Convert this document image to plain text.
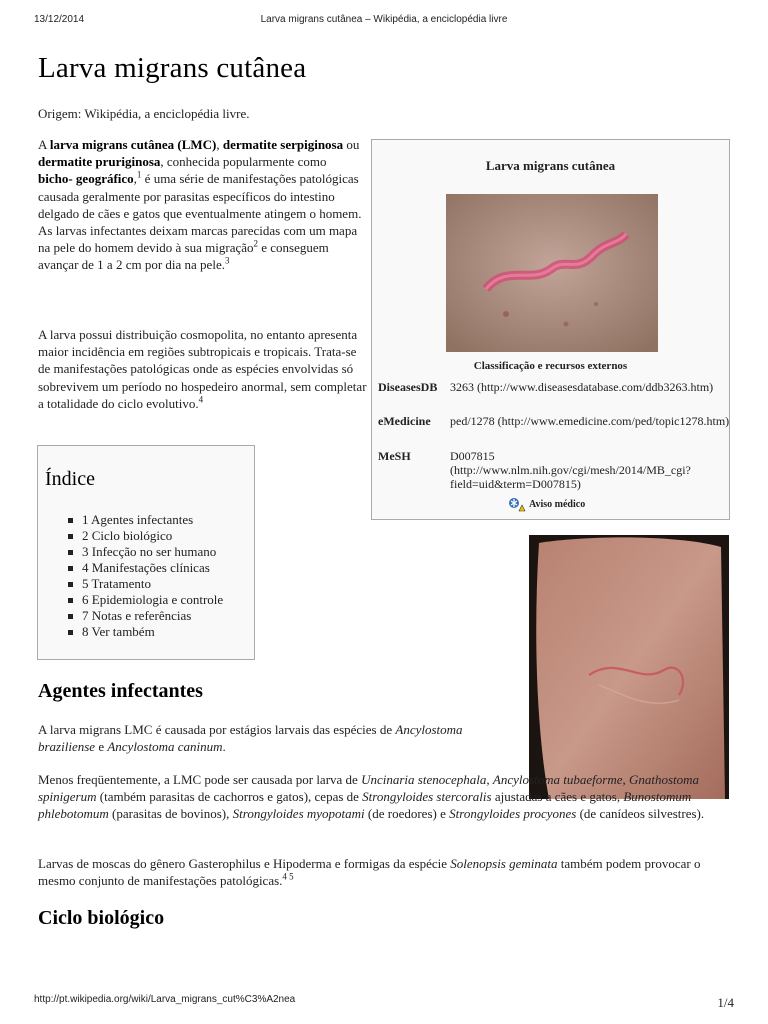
13/12/2014	Larva migrans cutânea – Wikipédia, a enciclopédia livre
Larva migrans cutânea
Origem: Wikipédia, a enciclopédia livre.

A larva migrans cutânea (LMC), dermatite serpiginosa ou dermatite pruriginosa, conhecida popularmente como bicho- geográfico,$^1$ é uma série de manifestações patológicas causada geralmente por parasitas específicos do intestino delgado de cães e gatos que eventualmente atingem o homem. As larvas infectantes deixam marcas parecidas com um mapa na pele do homem devido à sua migração$^2$ e conseguem avançar de 1 a 2 cm por dia na pele.$^3$

A larva possui distribuição cosmopolita, no entanto apresenta maior incidência em regiões subtropicais e tropicais. Trata-se de manifestações patológicas onde as espécies envolvidas só sobrevivem um período no hospedeiro anormal, sem completar a totalidade do ciclo evolutivo.$^4$

Larva migrans cutânea
Classificação e recursos externos
DiseasesDB	3263 (http://www.diseasesdatabase.com/ddb3263.htm)
eMedicine	ped/1278 (http://www.emedicine.com/ped/topic1278.htm)
MeSH	D007815 (http://www.nlm.nih.gov/cgi/mesh/2014/MB_cgi?field=uid&term=D007815)
Aviso médico
Índice
1 Agentes infectantes
2 Ciclo biológico
3 Infecção no ser humano
4 Manifestações clínicas
5 Tratamento
6 Epidemiologia e controle
7 Notas e referências
8 Ver também
Agentes infectantes

A larva migrans LMC é causada por estágios larvais das espécies de Ancylostoma braziliense e Ancylostoma caninum.

Menos freqüentemente, a LMC pode ser causada por larva de Uncinaria stenocephala, Ancylostoma tubaeforme, Gnathostoma spinigerum (também parasitas de cachorros e gatos), cepas de Strongyloides stercoralis ajustadas a cães e gatos, Bunostomum phlebotomum (parasitas de bovinos), Strongyloides myopotami (de roedores) e Strongyloides procyones (de canídeos silvestres).

Larvas de moscas do gênero Gasterophilus e Hipoderma e formigas da espécie Solenopsis geminata também podem provocar o mesmo conjunto de manifestações patológicas.$^{4 5}$

Ciclo biológico
http://pt.wikipedia.org/wiki/Larva_migrans_cut%C3%A2nea	1/4
